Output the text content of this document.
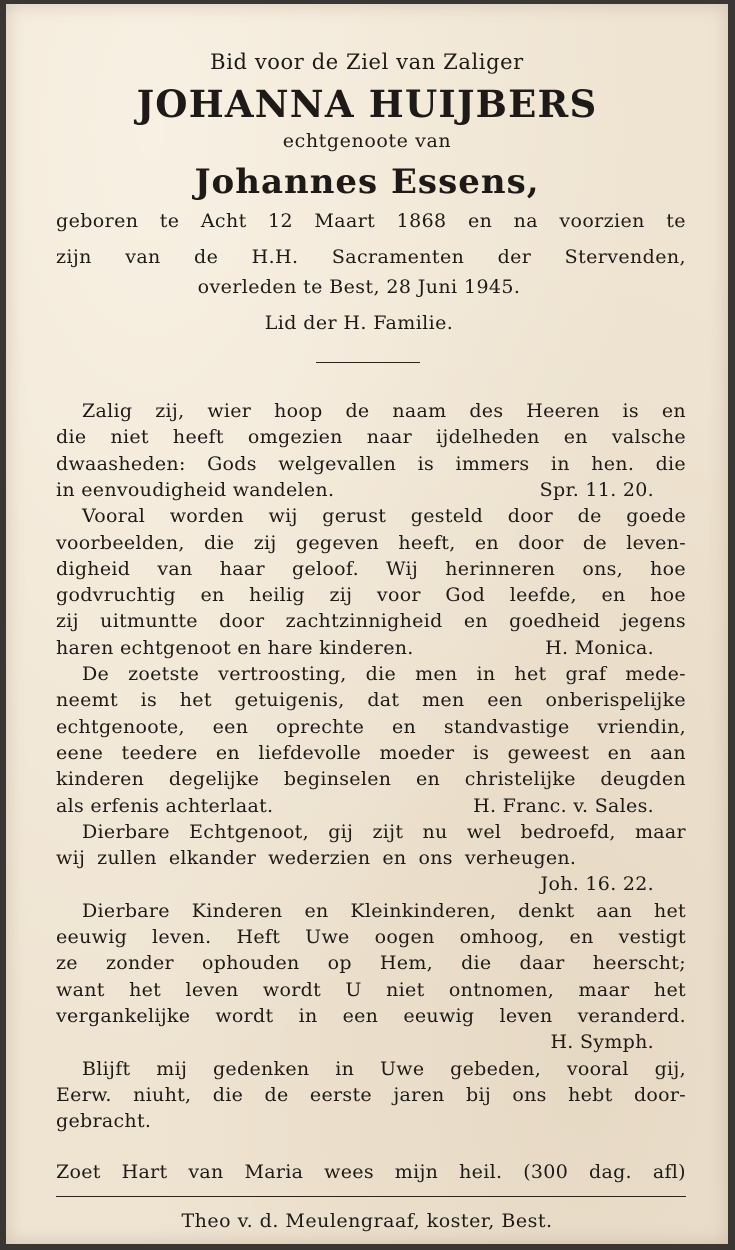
Bid voor de Ziel van Zaliger
JOHANNA HUIJBERS
echtgenoote van
Johannes Essens,
geboren te Acht 12 Maart 1868 en na voorzien te
zijn van de H.H. Sacramenten der Stervenden,
overleden te Best, 28 Juni 1945.
Lid der H. Familie.
Zalig zij, wier hoop de naam des Heeren is en
die niet heeft omgezien naar ijdelheden en valsche
dwaasheden: Gods welgevallen is immers in hen. die
in eenvoudigheid wandelen.	Spr. 11. 20.
Vooral worden wij gerust gesteld door de goede
voorbeelden, die zij gegeven heeft, en door de leven-
digheid van haar geloof. Wij herinneren ons, hoe
godvruchtig en heilig zij voor God leefde, en hoe
zij uitmuntte door zachtzinnigheid en goedheid jegens
haren echtgenoot en hare kinderen.	H. Monica.
De zoetste vertroosting, die men in het graf mede-
neemt is het getuigenis, dat men een onberispelijke
echtgenoote, een oprechte en standvastige vriendin,
eene teedere en liefdevolle moeder is geweest en aan
kinderen degelijke beginselen en christelijke deugden
als erfenis achterlaat.	H. Franc. v. Sales.
Dierbare Echtgenoot, gij zijt nu wel bedroefd, maar
wij zullen elkander wederzien en ons verheugen.
Joh. 16. 22.
Dierbare Kinderen en Kleinkinderen, denkt aan het
eeuwig leven. Heft Uwe oogen omhoog, en vestigt
ze zonder ophouden op Hem, die daar heerscht;
want het leven wordt U niet ontnomen, maar het
vergankelijke wordt in een eeuwig leven veranderd.
H. Symph.
Blijft mij gedenken in Uwe gebeden, vooral gij,
Eerw. niuht, die de eerste jaren bij ons hebt door-
gebracht.
Zoet Hart van Maria wees mijn heil. (300 dag. afl)
Theo v. d. Meulengraaf, koster, Best.
